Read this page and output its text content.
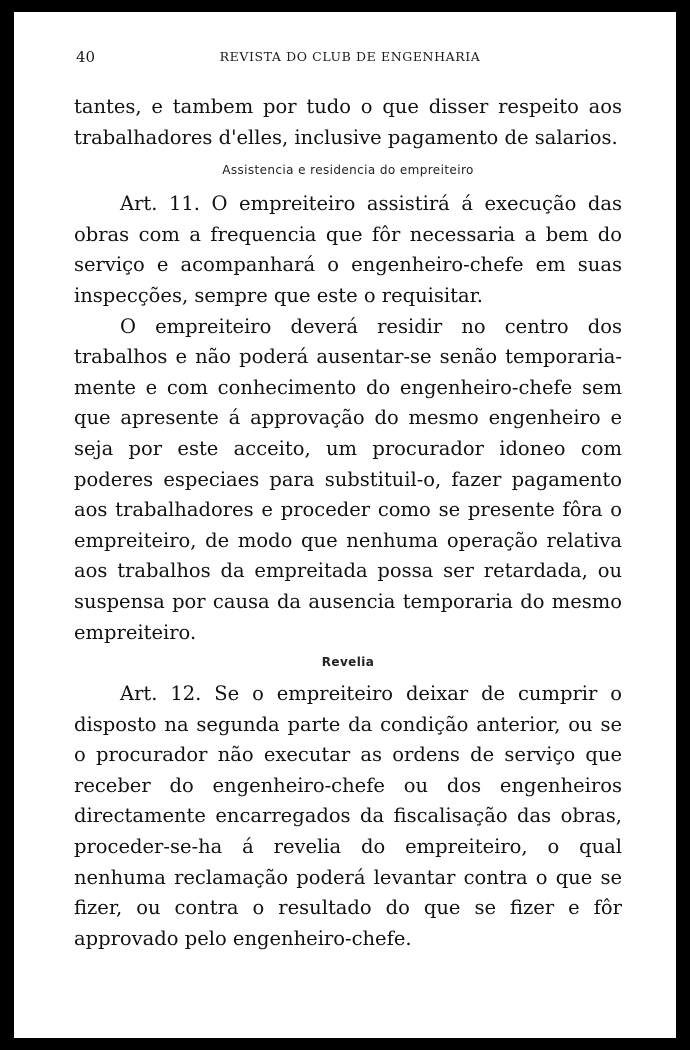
40	REVISTA DO CLUB DE ENGENHARIA

tantes, e tambem por tudo o que disser respeito aos trabalhadores d'elles, inclusive pagamento de salarios.

Assistencia e residencia do empreiteiro

Art. 11. O empreiteiro assistirá á execução das obras com a frequencia que fôr necessaria a bem do serviço e acompanhará o engenheiro-chefe em suas inspecções, sempre que este o requisitar.

O empreiteiro deverá residir no centro dos trabalhos e não poderá ausentar-se senão temporariamente e com conhecimento do engenheiro-chefe sem que apresente á approvação do mesmo engenheiro e seja por este acceito, um procurador idoneo com poderes especiaes para substituil-o, fazer pagamento aos trabalhadores e proceder como se presente fôra o empreiteiro, de modo que nenhuma operação relativa aos trabalhos da empreitada possa ser retardada, ou suspensa por causa da ausencia temporaria do mesmo empreiteiro.

Revelia

Art. 12. Se o empreiteiro deixar de cumprir o disposto na segunda parte da condição anterior, ou se o procurador não executar as ordens de serviço que receber do engenheiro-chefe ou dos engenheiros directamente encarregados da fiscalisação das obras, proceder-se-ha á revelia do empreiteiro, o qual nenhuma reclamação poderá levantar contra o que se fizer, ou contra o resultado do que se fizer e fôr approvado pelo engenheiro-chefe.
